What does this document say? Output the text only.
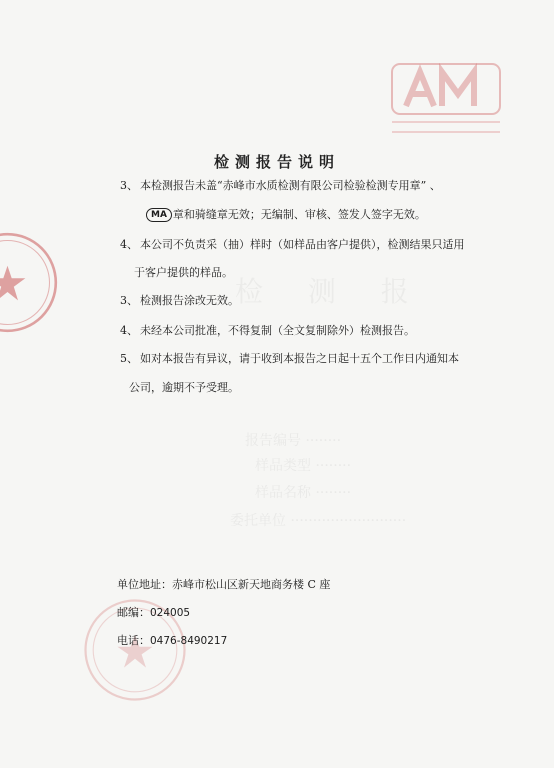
检 测 报
报告编号 ········
样品类型 ········
样品名称 ········
委托单位 ··························
检测报告说明
3、 本检测报告未盖“赤峰市水质检测有限公司检验检测专用章” 、
MA 章和骑缝章无效；无编制、审核、签发人签字无效。
4、 本公司不负责采（抽）样时（如样品由客户提供），检测结果只适用
于客户提供的样品。
3、 检测报告涂改无效。
4、 未经本公司批准，不得复制（全文复制除外）检测报告。
5、 如对本报告有异议，请于收到本报告之日起十五个工作日内通知本
公司，逾期不予受理。
单位地址：赤峰市松山区新天地商务楼 C 座
邮编：024005
电话：0476-8490217
